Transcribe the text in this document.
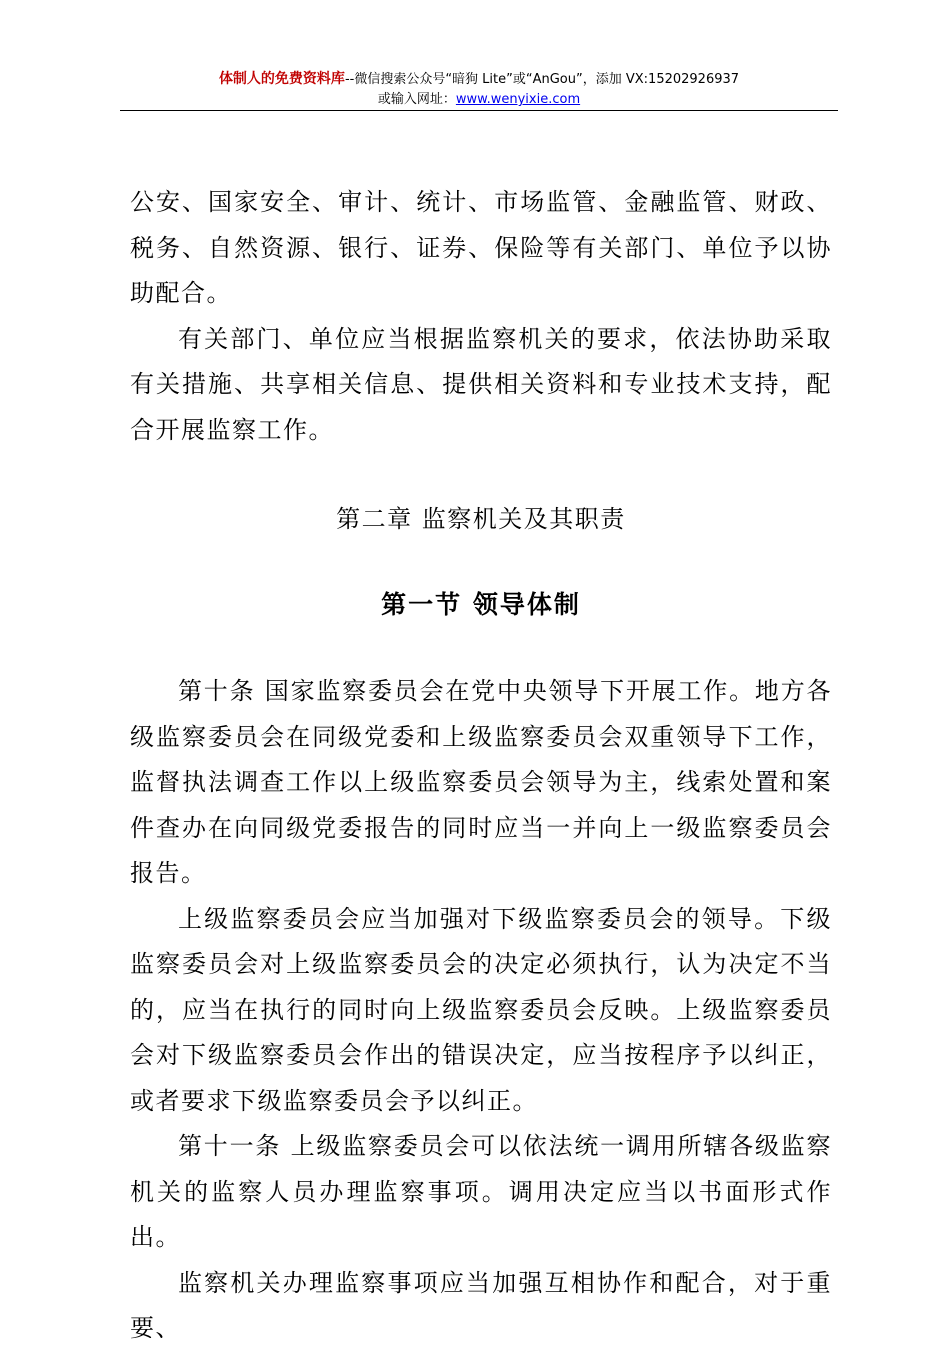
体制人的免费资料库--微信搜索公众号“暗狗 Lite”或“AnGou”，添加 VX:15202926937
或输入网址：www.wenyixie.com

公安、国家安全、审计、统计、市场监管、金融监管、财政、税务、自然资源、银行、证券、保险等有关部门、单位予以协助配合。

有关部门、单位应当根据监察机关的要求，依法协助采取有关措施、共享相关信息、提供相关资料和专业技术支持，配合开展监察工作。

第二章 监察机关及其职责
第一节 领导体制

第十条 国家监察委员会在党中央领导下开展工作。地方各级监察委员会在同级党委和上级监察委员会双重领导下工作，监督执法调查工作以上级监察委员会领导为主，线索处置和案件查办在向同级党委报告的同时应当一并向上一级监察委员会报告。

上级监察委员会应当加强对下级监察委员会的领导。下级监察委员会对上级监察委员会的决定必须执行，认为决定不当的，应当在执行的同时向上级监察委员会反映。上级监察委员会对下级监察委员会作出的错误决定，应当按程序予以纠正，或者要求下级监察委员会予以纠正。

第十一条 上级监察委员会可以依法统一调用所辖各级监察机关的监察人员办理监察事项。调用决定应当以书面形式作出。

监察机关办理监察事项应当加强互相协作和配合，对于重要、
